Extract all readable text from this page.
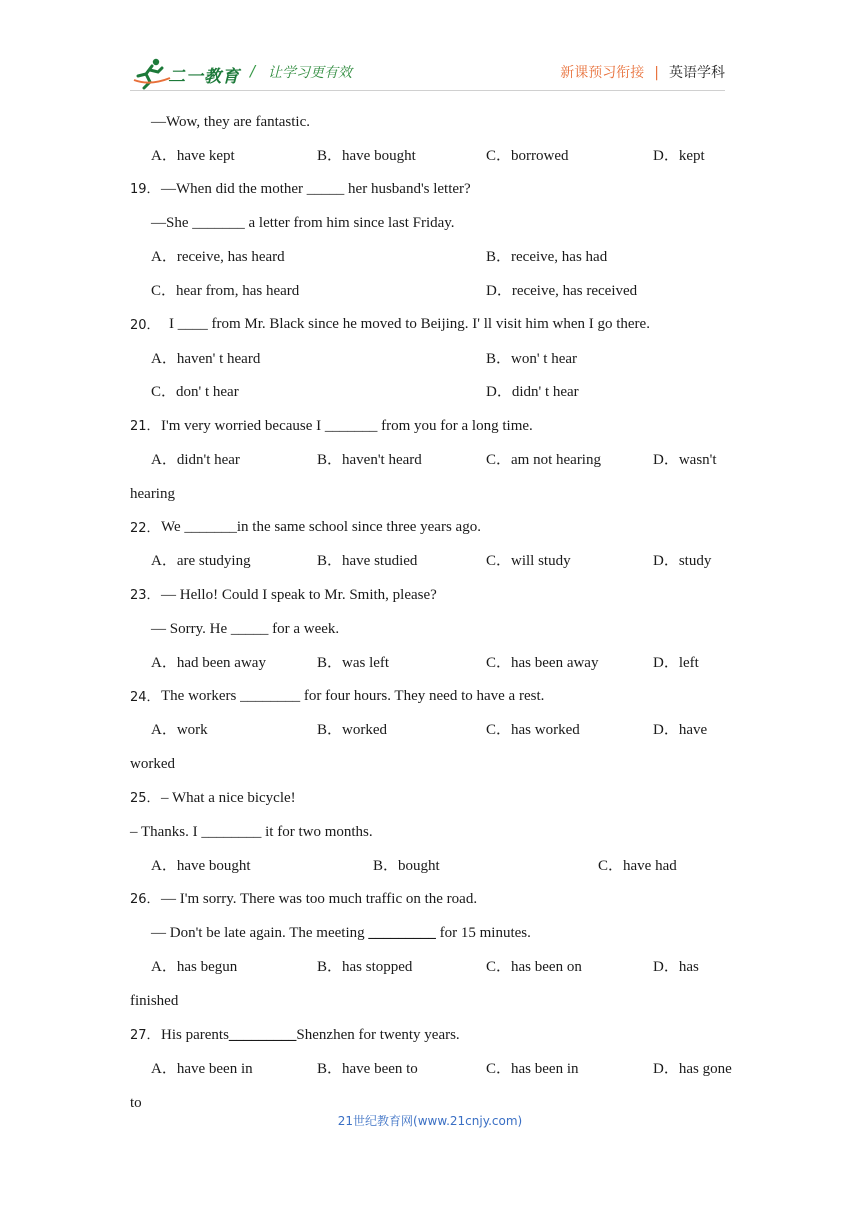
二一教育 / 让学习更有效	新课预习衔接 | 英语学科
—Wow, they are fantastic.
A．have kept	B．have bought	C．borrowed	D．kept
19． —When did the mother _____ her husband's letter?
—She _______ a letter from him since last Friday.
A．receive, has heard	B．receive, has had
C．hear from, has heard	D．receive, has received
20． I ____ from Mr. Black since he moved to Beijing. I' ll visit him when I go there.
A．haven' t heard	B．won' t hear
C．don' t hear	D．didn' t hear
21． I'm very worried because I _______ from you for a long time.
A．didn't hear	B．haven't heard	C．am not hearing	D．wasn't
hearing
22． We _______in the same school since three years ago.
A．are studying	B．have studied	C．will study	D．study
23． — Hello! Could I speak to Mr. Smith, please?
— Sorry. He _____ for a week.
A．had been away	B．was left	C．has been away	D．left
24． The workers ________ for four hours. They need to have a rest.
A．work	B．worked	C．has worked	D．have
worked
25． – What a nice bicycle!
– Thanks. I ________ it for two months.
A．have bought	B．bought	C．have had
26． — I'm sorry. There was too much traffic on the road.
— Don't be late again. The meeting _________ for 15 minutes.
A．has begun	B．has stopped	C．has been on	D．has
finished
27． His parents_________Shenzhen for twenty years.
A．have been in	B．have been to	C．has been in	D．has gone
to
21世纪教育网(www.21cnjy.com)
